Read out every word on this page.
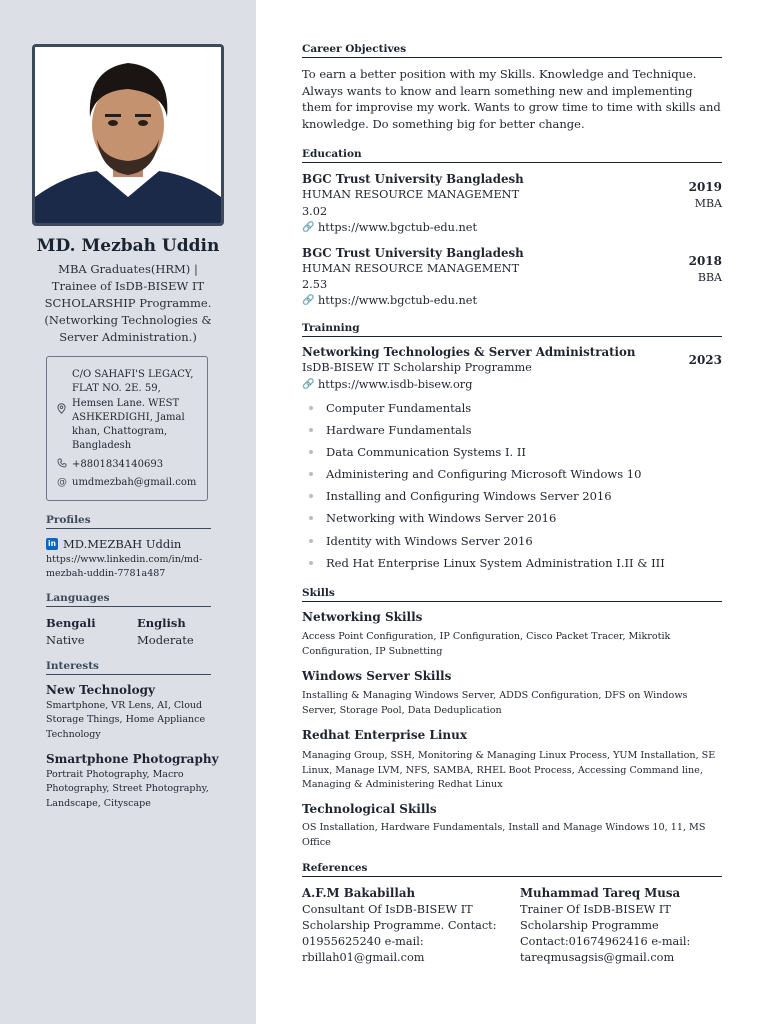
MD. Mezbah Uddin
MBA Graduates(HRM) | Trainee of IsDB-BISEW IT SCHOLARSHIP Programme. (Networking Technologies & Server Administration.)
C/O SAHAFI'S LEGACY, FLAT NO. 2E. 59, Hemsen Lane. WEST ASHKERDIGHI, Jamal khan, Chattogram, Bangladesh
+8801834140693
@ umdmezbah@gmail.com
Profiles
in MD.MEZBAH Uddin
https://www.linkedin.com/in/md-mezbah-uddin-7781a487
Languages
Bengali
Native
English
Moderate
Interests
New Technology
Smartphone, VR Lens, AI, Cloud Storage Things, Home Appliance Technology
Smartphone Photography
Portrait Photography, Macro Photography, Street Photography, Landscape, Cityscape
Career Objectives
To earn a better position with my Skills. Knowledge and Technique. Always wants to know and learn something new and implementing them for improvise my work. Wants to grow time to time with skills and knowledge. Do something big for better change.
Education
BGC Trust University Bangladesh
HUMAN RESOURCE MANAGEMENT
3.02
🔗 https://www.bgctub-edu.net
2019
MBA
BGC Trust University Bangladesh
HUMAN RESOURCE MANAGEMENT
2.53
🔗 https://www.bgctub-edu.net
2018
BBA
Trainning
Networking Technologies & Server Administration
IsDB-BISEW IT Scholarship Programme
🔗 https://www.isdb-bisew.org
2023
Computer Fundamentals
Hardware Fundamentals
Data Communication Systems I. II
Administering and Configuring Microsoft Windows 10
Installing and Configuring Windows Server 2016
Networking with Windows Server 2016
Identity with Windows Server 2016
Red Hat Enterprise Linux System Administration I.II & III
Skills
Networking Skills
Access Point Configuration, IP Configuration, Cisco Packet Tracer, Mikrotik Configuration, IP Subnetting
Windows Server Skills
Installing & Managing Windows Server, ADDS Configuration, DFS on Windows Server, Storage Pool, Data Deduplication
Redhat Enterprise Linux
Managing Group, SSH, Monitoring & Managing Linux Process, YUM Installation, SE Linux, Manage LVM, NFS, SAMBA, RHEL Boot Process, Accessing Command line, Managing & Administering Redhat Linux
Technological Skills
OS Installation, Hardware Fundamentals, Install and Manage Windows 10, 11, MS Office
References
A.F.M Bakabillah
Consultant Of IsDB-BISEW IT Scholarship Programme. Contact: 01955625240 e-mail: rbillah01@gmail.com
Muhammad Tareq Musa
Trainer Of IsDB-BISEW IT Scholarship Programme Contact:01674962416 e-mail: tareqmusagsis@gmail.com
